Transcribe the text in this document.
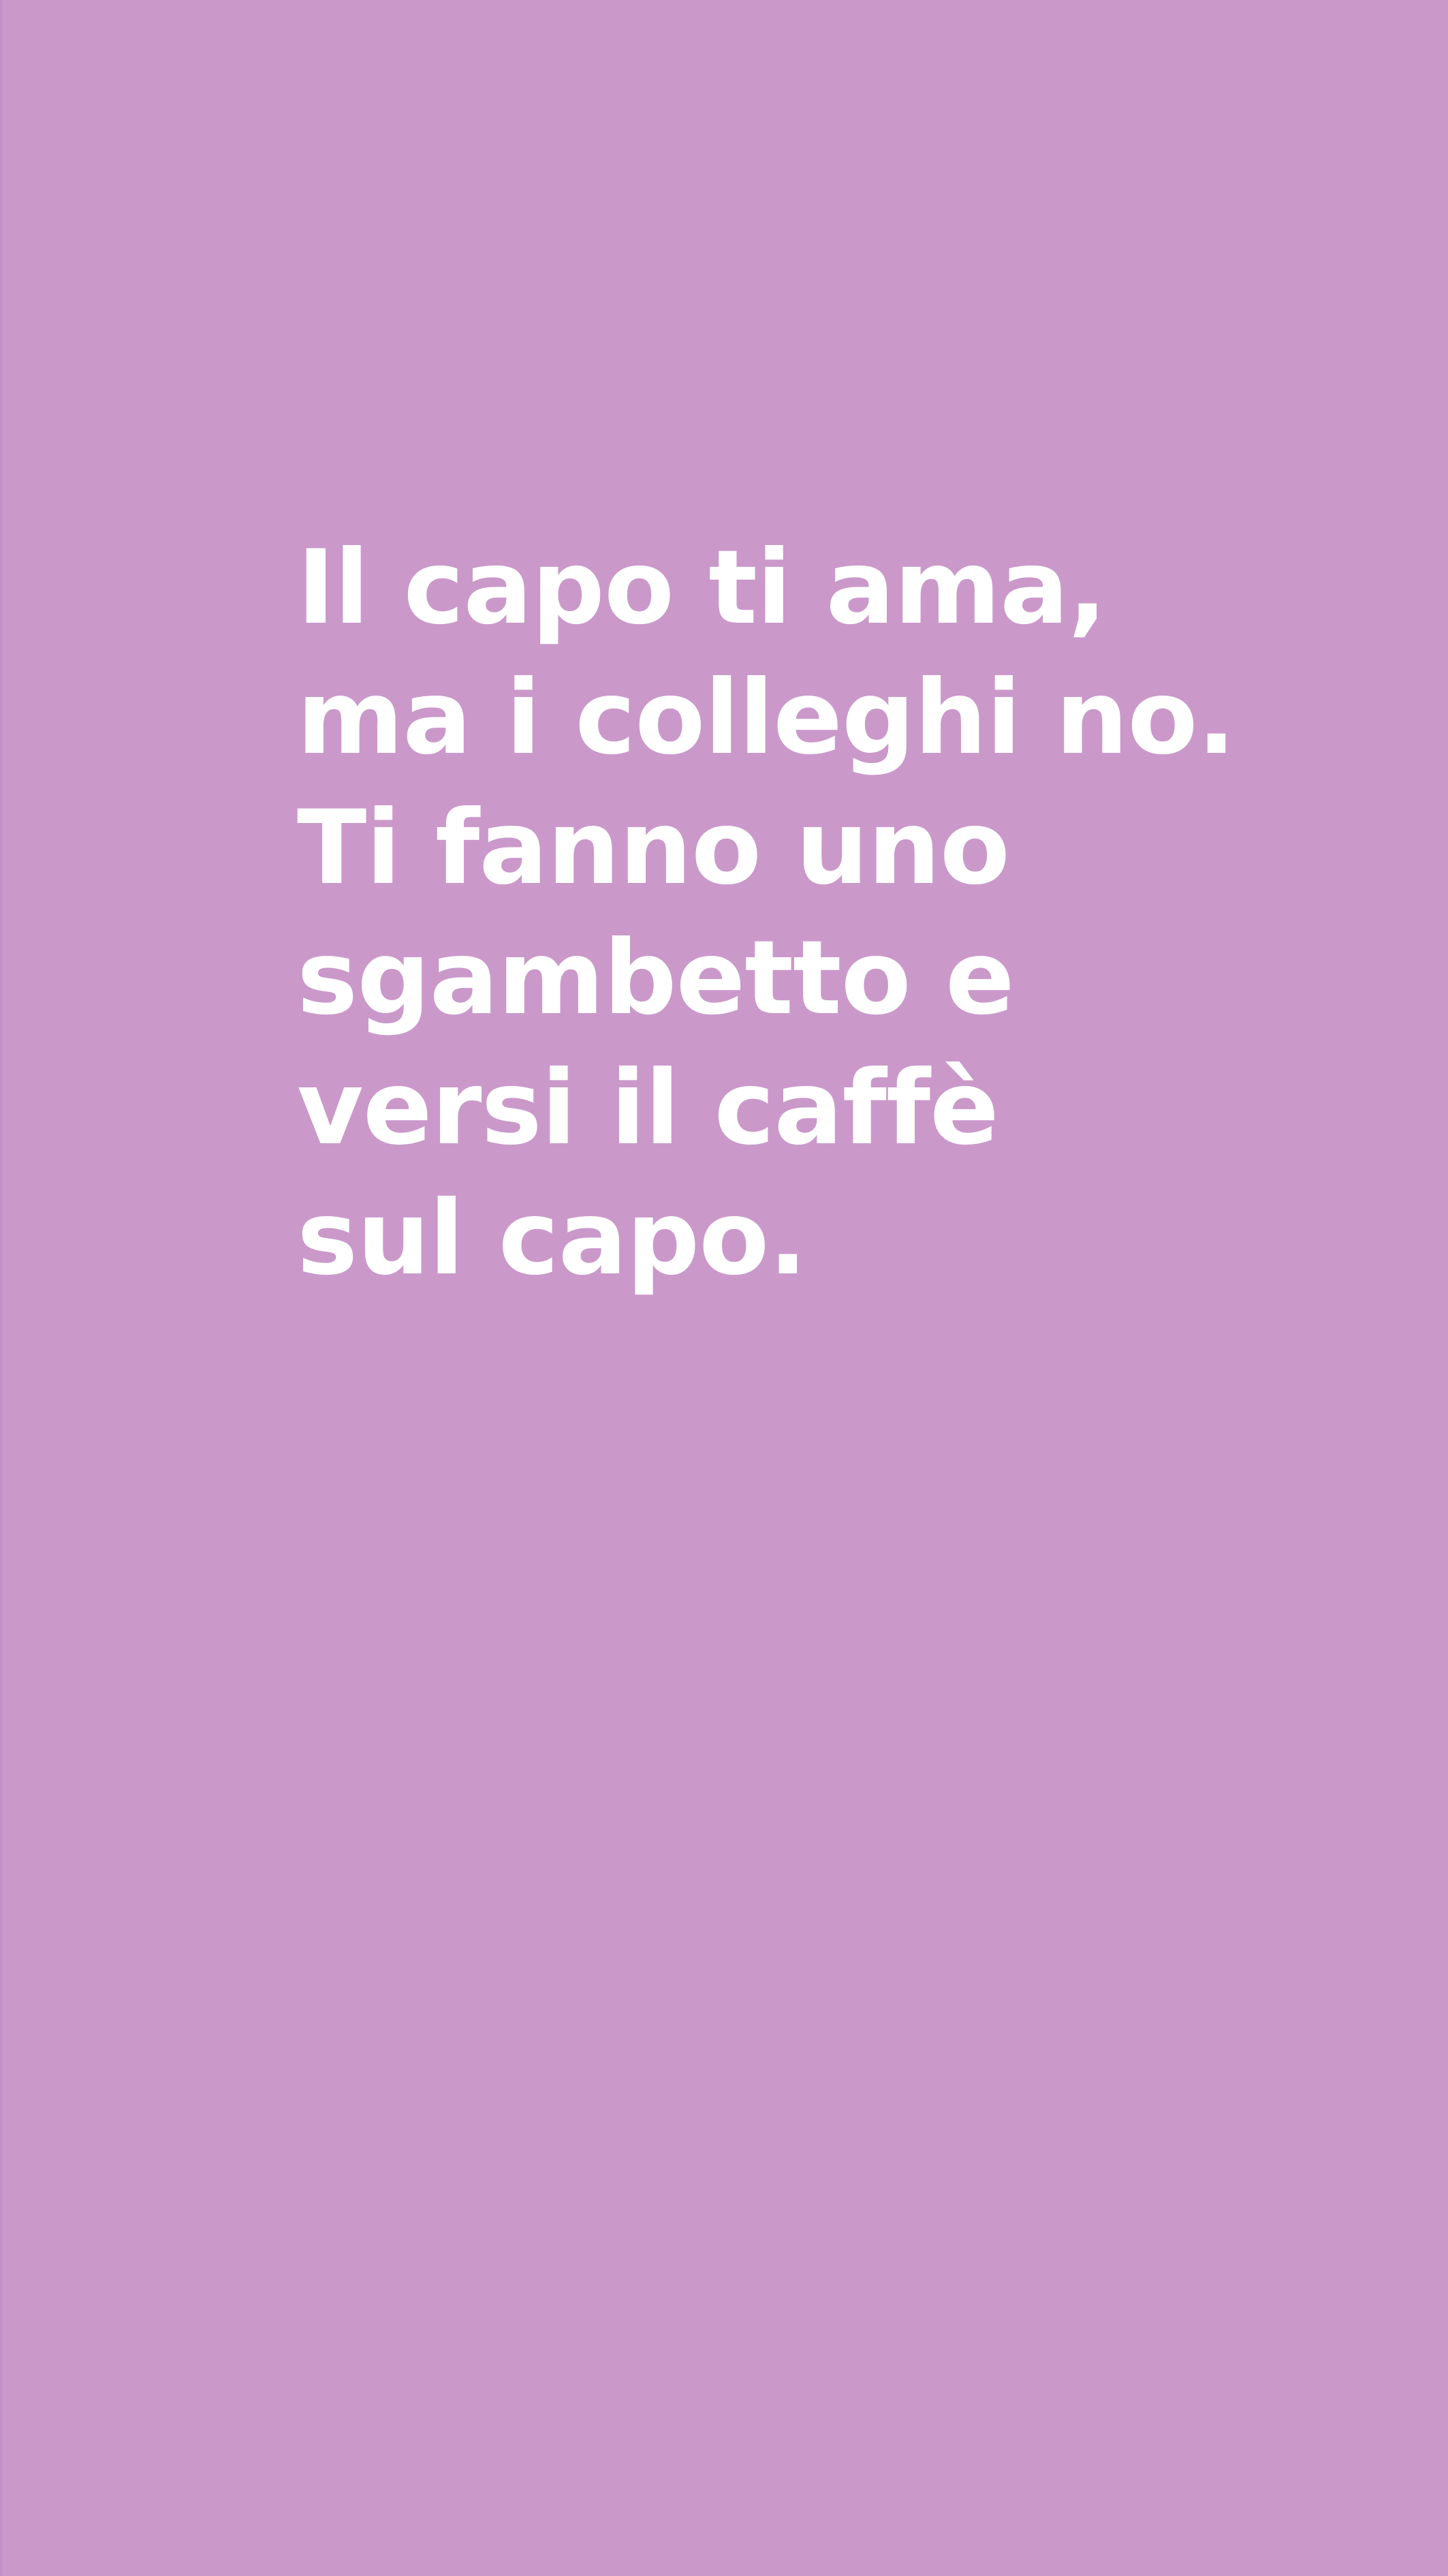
Il capo ti ama,
ma i colleghi no.
Ti fanno uno
sgambetto e
versi il caffè
sul capo.
